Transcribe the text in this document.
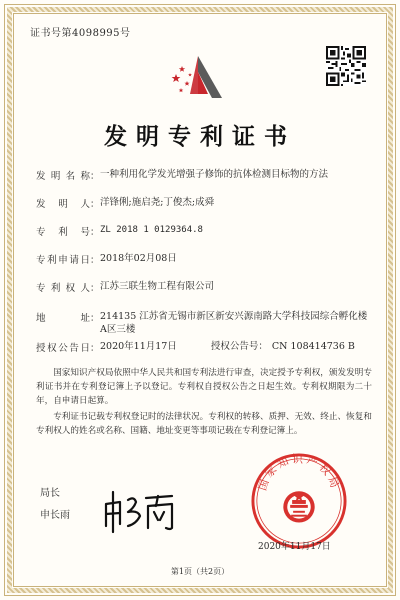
证书号第4098995号
发明专利证书
发明名称 ： 一种利用化学发光增强子修饰的抗体检测目标物的方法
发明人 ： 洋锋俐;施启尧;丁俊杰;成舜
专利号 ： ZL 2018 1 0129364.8
专利申请日 ： 2018年02月08日
专利权人 ： 江苏三联生物工程有限公司
地址 ： 214135 江苏省无锡市新区新安兴源南路大学科技园综合孵化楼A区三楼
授权公告日 ： 2020年11月17日	授权公告号： CN 108414736 B
国家知识产权局依照中华人民共和国专利法进行审查，决定授予专利权，颁发发明专利证书并在专利登记簿上予以登记。专利权自授权公告之日起生效。专利权期限为二十年，自申请日起算。
专利证书记载专利权登记时的法律状况。专利权的转移、质押、无效、终止、恢复和专利权人的姓名或名称、国籍、地址变更等事项记载在专利登记簿上。
国家知识产权局
局长
申长雨
2020年11月17日
第1页（共2页）
